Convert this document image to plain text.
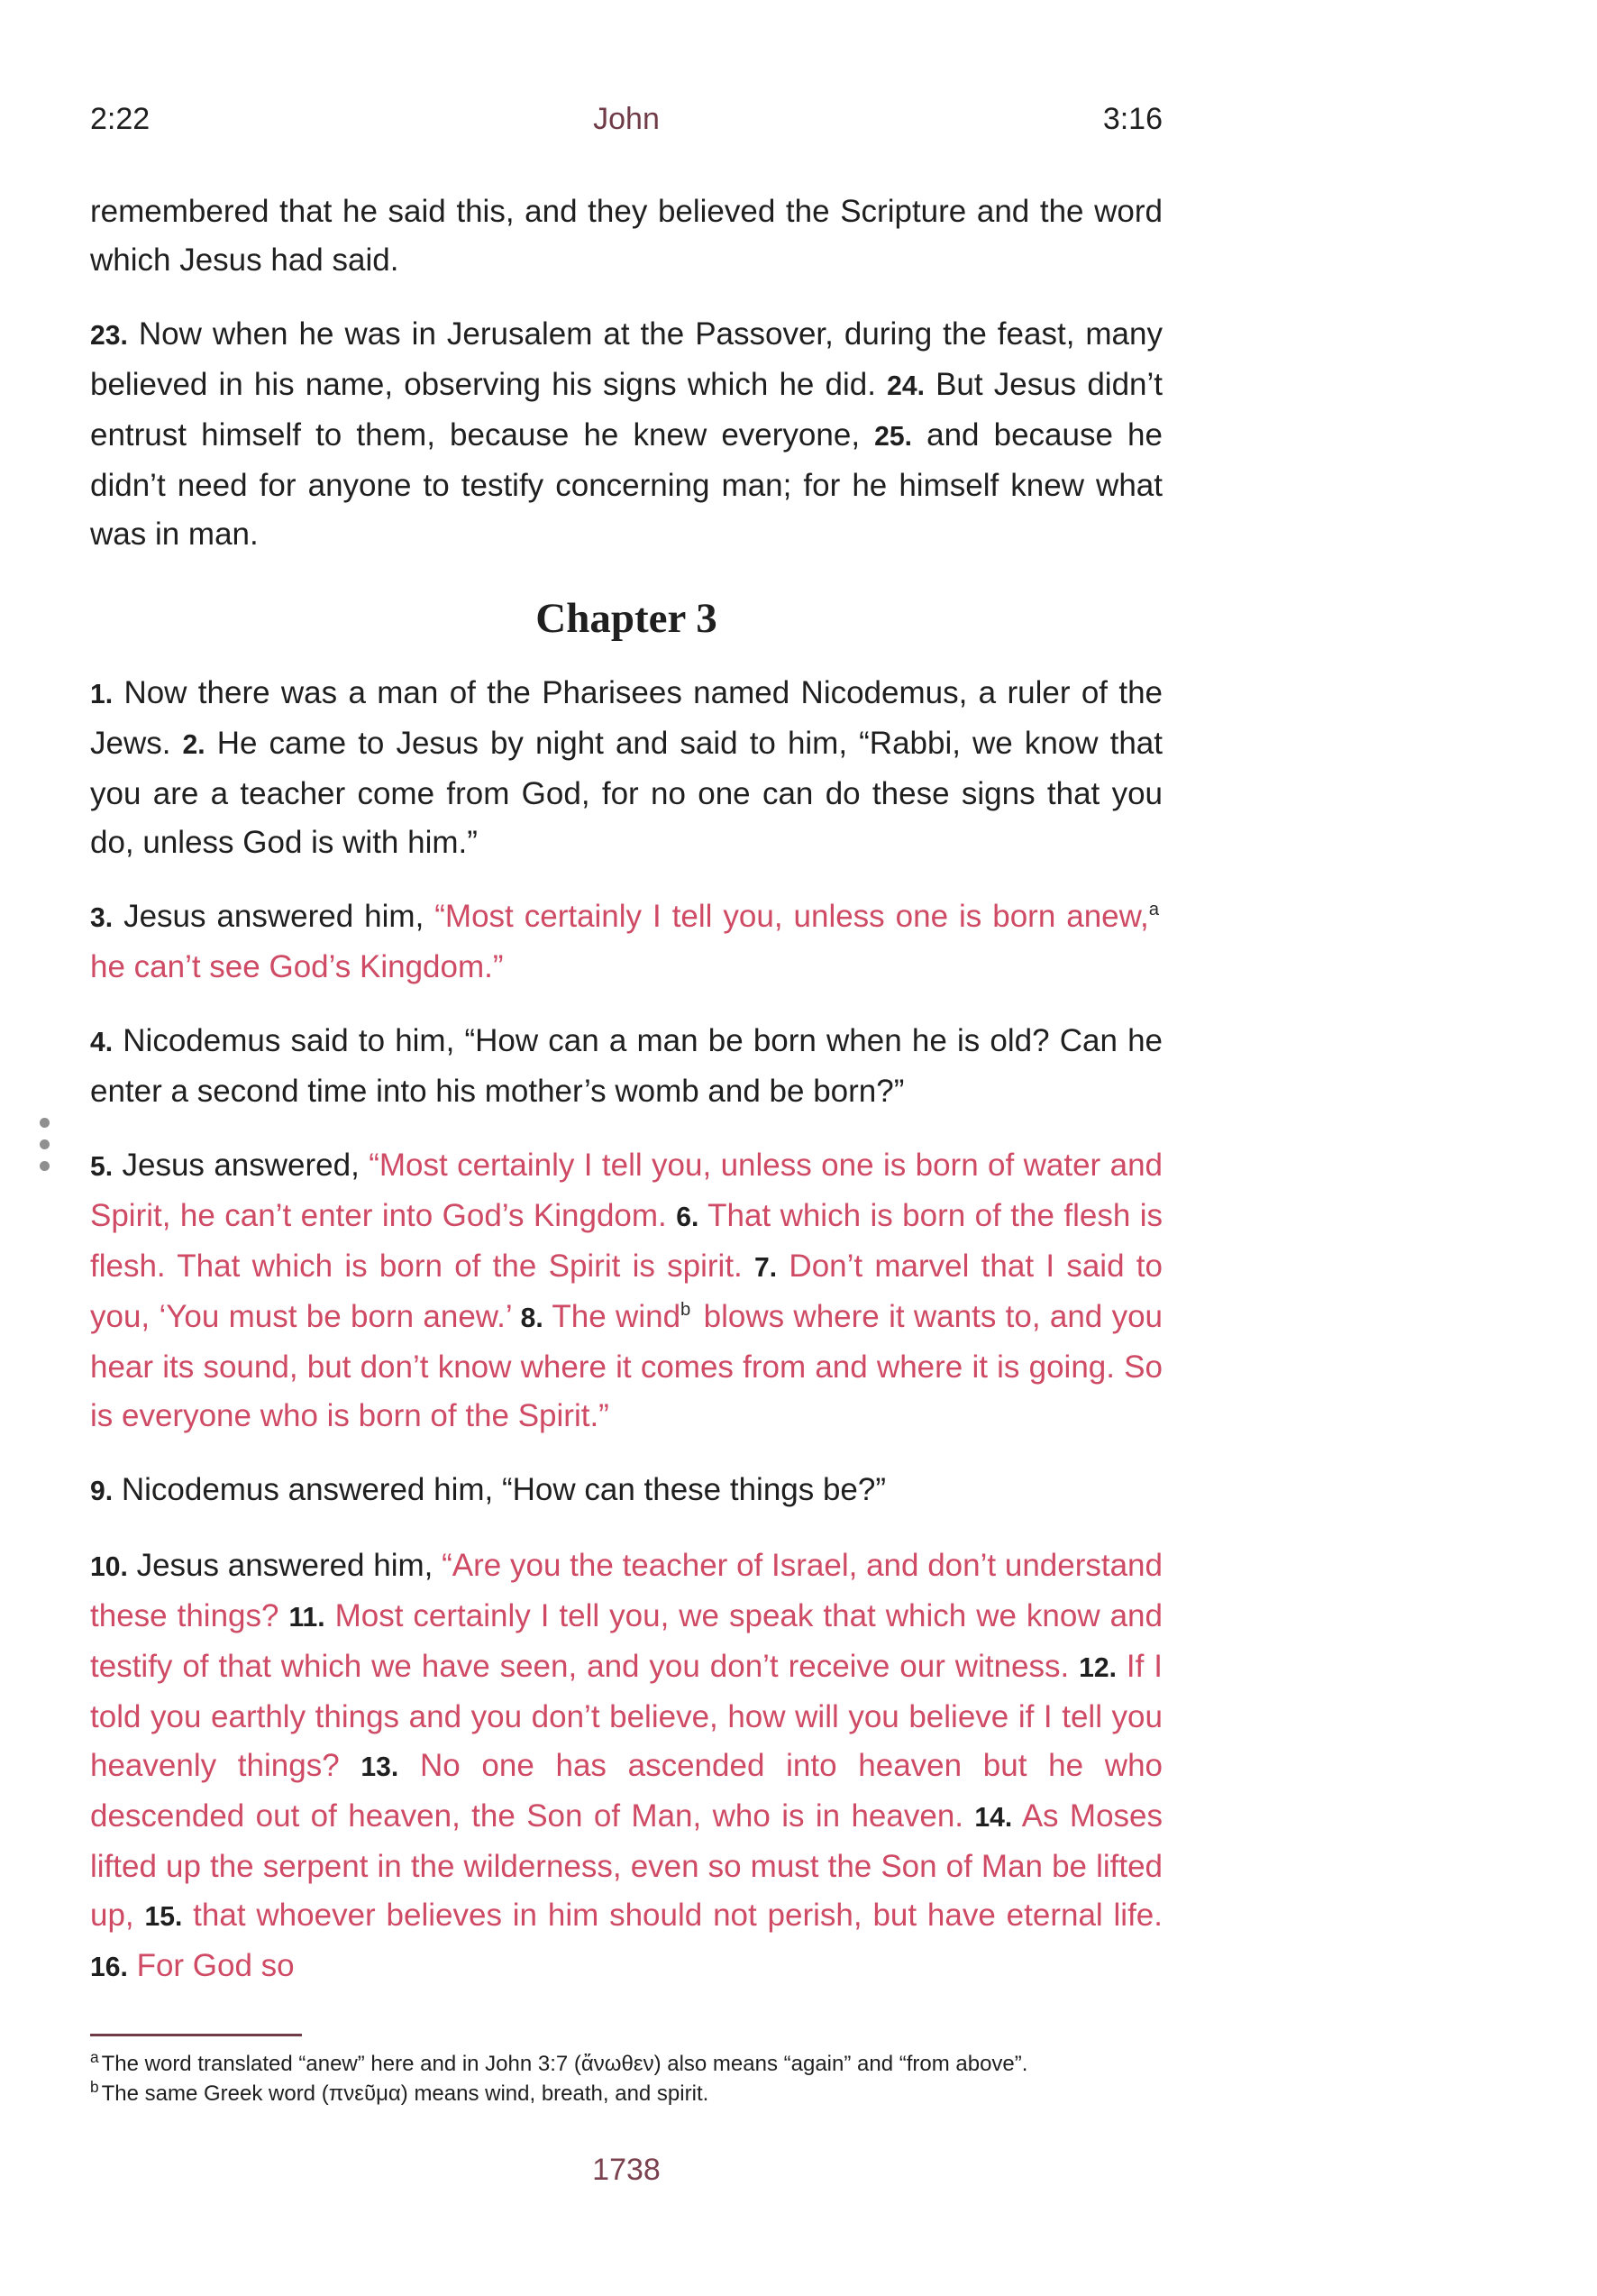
2:22	John	3:16

remembered that he said this, and they believed the Scripture and the word which Jesus had said.

23. Now when he was in Jerusalem at the Passover, during the feast, many believed in his name, observing his signs which he did. 24. But Jesus didn’t entrust himself to them, because he knew everyone, 25. and because he didn’t need for anyone to testify concerning man; for he himself knew what was in man.

Chapter 3

1. Now there was a man of the Pharisees named Nicodemus, a ruler of the Jews. 2. He came to Jesus by night and said to him, “Rabbi, we know that you are a teacher come from God, for no one can do these signs that you do, unless God is with him.”

3. Jesus answered him, “Most certainly I tell you, unless one is born anew,$^a$ he can’t see God’s Kingdom.”

4. Nicodemus said to him, “How can a man be born when he is old? Can he enter a second time into his mother’s womb and be born?”

5. Jesus answered, “Most certainly I tell you, unless one is born of water and Spirit, he can’t enter into God’s Kingdom. 6. That which is born of the flesh is flesh. That which is born of the Spirit is spirit. 7. Don’t marvel that I said to you, ‘You must be born anew.’ 8. The wind$^b$ blows where it wants to, and you hear its sound, but don’t know where it comes from and where it is going. So is everyone who is born of the Spirit.”

9. Nicodemus answered him, “How can these things be?”

10. Jesus answered him, “Are you the teacher of Israel, and don’t understand these things? 11. Most certainly I tell you, we speak that which we know and testify of that which we have seen, and you don’t receive our witness. 12. If I told you earthly things and you don’t believe, how will you believe if I tell you heavenly things? 13. No one has ascended into heaven but he who descended out of heaven, the Son of Man, who is in heaven. 14. As Moses lifted up the serpent in the wilderness, even so must the Son of Man be lifted up, 15. that whoever believes in him should not perish, but have eternal life. 16. For God so

$^a$ The word translated “anew” here and in John 3:7 (ἄνωθεν) also means “again” and “from above”.
$^b$ The same Greek word (πνεῦμα) means wind, breath, and spirit.
1738
